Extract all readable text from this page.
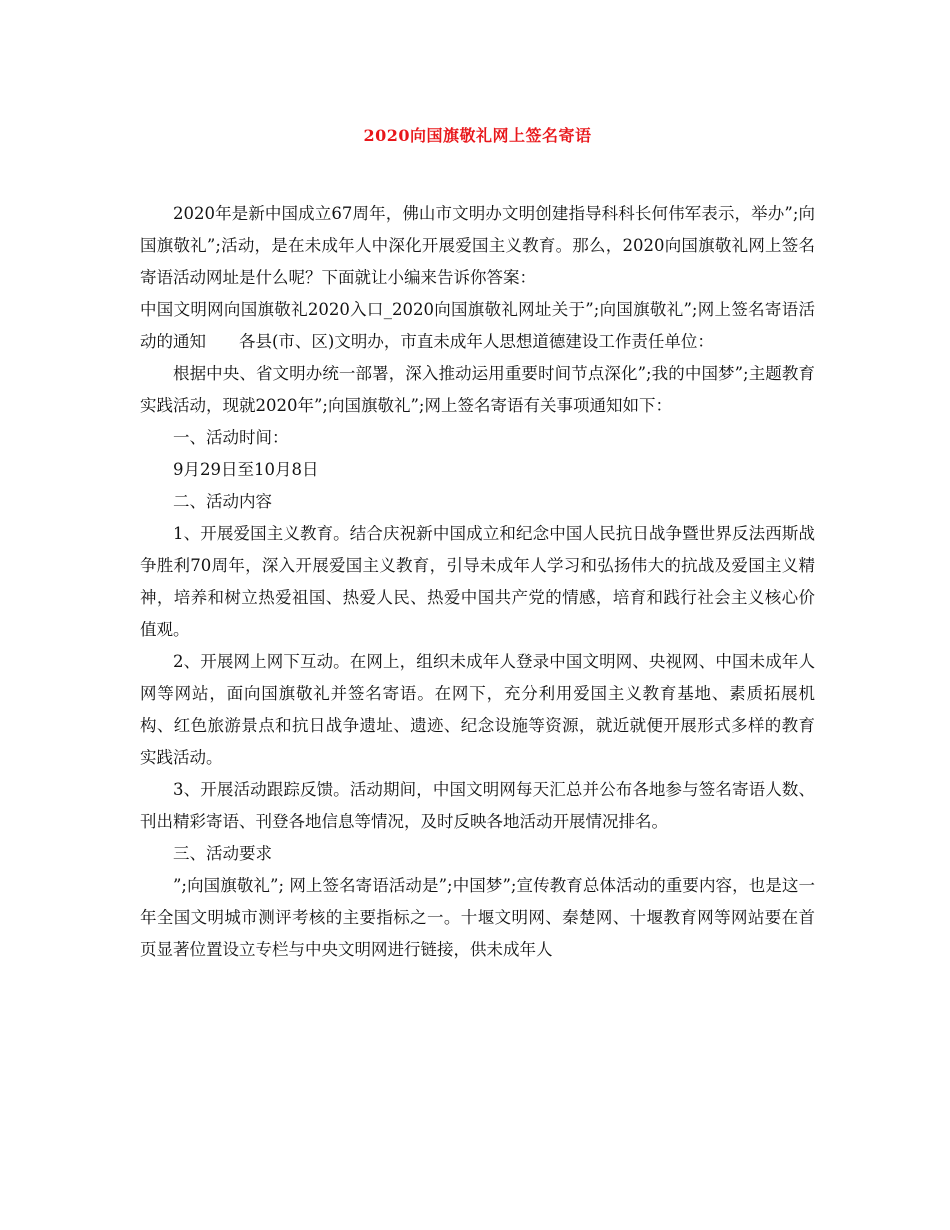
2020向国旗敬礼网上签名寄语

2020年是新中国成立67周年，佛山市文明办文明创建指导科科长何伟军表示，举办”;向国旗敬礼”;活动，是在未成年人中深化开展爱国主义教育。那么，2020向国旗敬礼网上签名寄语活动网址是什么呢？下面就让小编来告诉你答案：

中国文明网向国旗敬礼2020入口_2020向国旗敬礼网址关于”;向国旗敬礼”;网上签名寄语活动的通知　　各县(市、区)文明办，市直未成年人思想道德建设工作责任单位：

根据中央、省文明办统一部署，深入推动运用重要时间节点深化”;我的中国梦”;主题教育实践活动，现就2020年”;向国旗敬礼”;网上签名寄语有关事项通知如下：

一、活动时间：

9月29日至10月8日

二、活动内容

1、开展爱国主义教育。结合庆祝新中国成立和纪念中国人民抗日战争暨世界反法西斯战争胜利70周年，深入开展爱国主义教育，引导未成年人学习和弘扬伟大的抗战及爱国主义精神，培养和树立热爱祖国、热爱人民、热爱中国共产党的情感，培育和践行社会主义核心价值观。

2、开展网上网下互动。在网上，组织未成年人登录中国文明网、央视网、中国未成年人网等网站，面向国旗敬礼并签名寄语。在网下，充分利用爱国主义教育基地、素质拓展机构、红色旅游景点和抗日战争遗址、遗迹、纪念设施等资源，就近就便开展形式多样的教育实践活动。

3、开展活动跟踪反馈。活动期间，中国文明网每天汇总并公布各地参与签名寄语人数、刊出精彩寄语、刊登各地信息等情况，及时反映各地活动开展情况排名。

三、活动要求

”;向国旗敬礼”; 网上签名寄语活动是”;中国梦”;宣传教育总体活动的重要内容，也是这一年全国文明城市测评考核的主要指标之一。十堰文明网、秦楚网、十堰教育网等网站要在首页显著位置设立专栏与中央文明网进行链接，供未成年人
